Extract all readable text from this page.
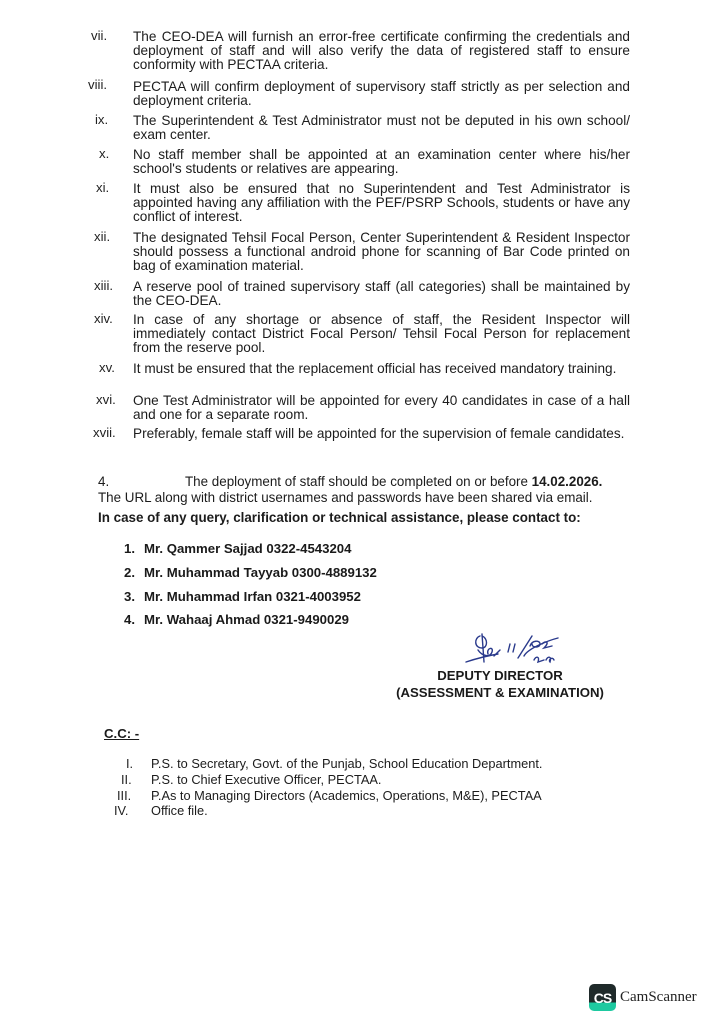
vii. The CEO-DEA will furnish an error-free certificate confirming the credentials and deployment of staff and will also verify the data of registered staff to ensure conformity with PECTAA criteria.
viii. PECTAA will confirm deployment of supervisory staff strictly as per selection and deployment criteria.
ix. The Superintendent & Test Administrator must not be deputed in his own school/ exam center.
x. No staff member shall be appointed at an examination center where his/her school's students or relatives are appearing.
xi. It must also be ensured that no Superintendent and Test Administrator is appointed having any affiliation with the PEF/PSRP Schools, students or have any conflict of interest.
xii. The designated Tehsil Focal Person, Center Superintendent & Resident Inspector should possess a functional android phone for scanning of Bar Code printed on bag of examination material.
xiii. A reserve pool of trained supervisory staff (all categories) shall be maintained by the CEO-DEA.
xiv. In case of any shortage or absence of staff, the Resident Inspector will immediately contact District Focal Person/ Tehsil Focal Person for replacement from the reserve pool.
xv. It must be ensured that the replacement official has received mandatory training.
xvi. One Test Administrator will be appointed for every 40 candidates in case of a hall and one for a separate room.
xvii. Preferably, female staff will be appointed for the supervision of female candidates.
4.	The deployment of staff should be completed on or before 14.02.2026.
The URL along with district usernames and passwords have been shared via email.
In case of any query, clarification or technical assistance, please contact to:
1. Mr. Qammer Sajjad 0322-4543204
2. Mr. Muhammad Tayyab 0300-4889132
3. Mr. Muhammad Irfan 0321-4003952
4. Mr. Wahaaj Ahmad 0321-9490029
DEPUTY DIRECTOR
(ASSESSMENT & EXAMINATION)
C.C: -
I. P.S. to Secretary, Govt. of the Punjab, School Education Department.
II. P.S. to Chief Executive Officer, PECTAA.
III. P.As to Managing Directors (Academics, Operations, M&E), PECTAA
IV. Office file.
CS CamScanner
